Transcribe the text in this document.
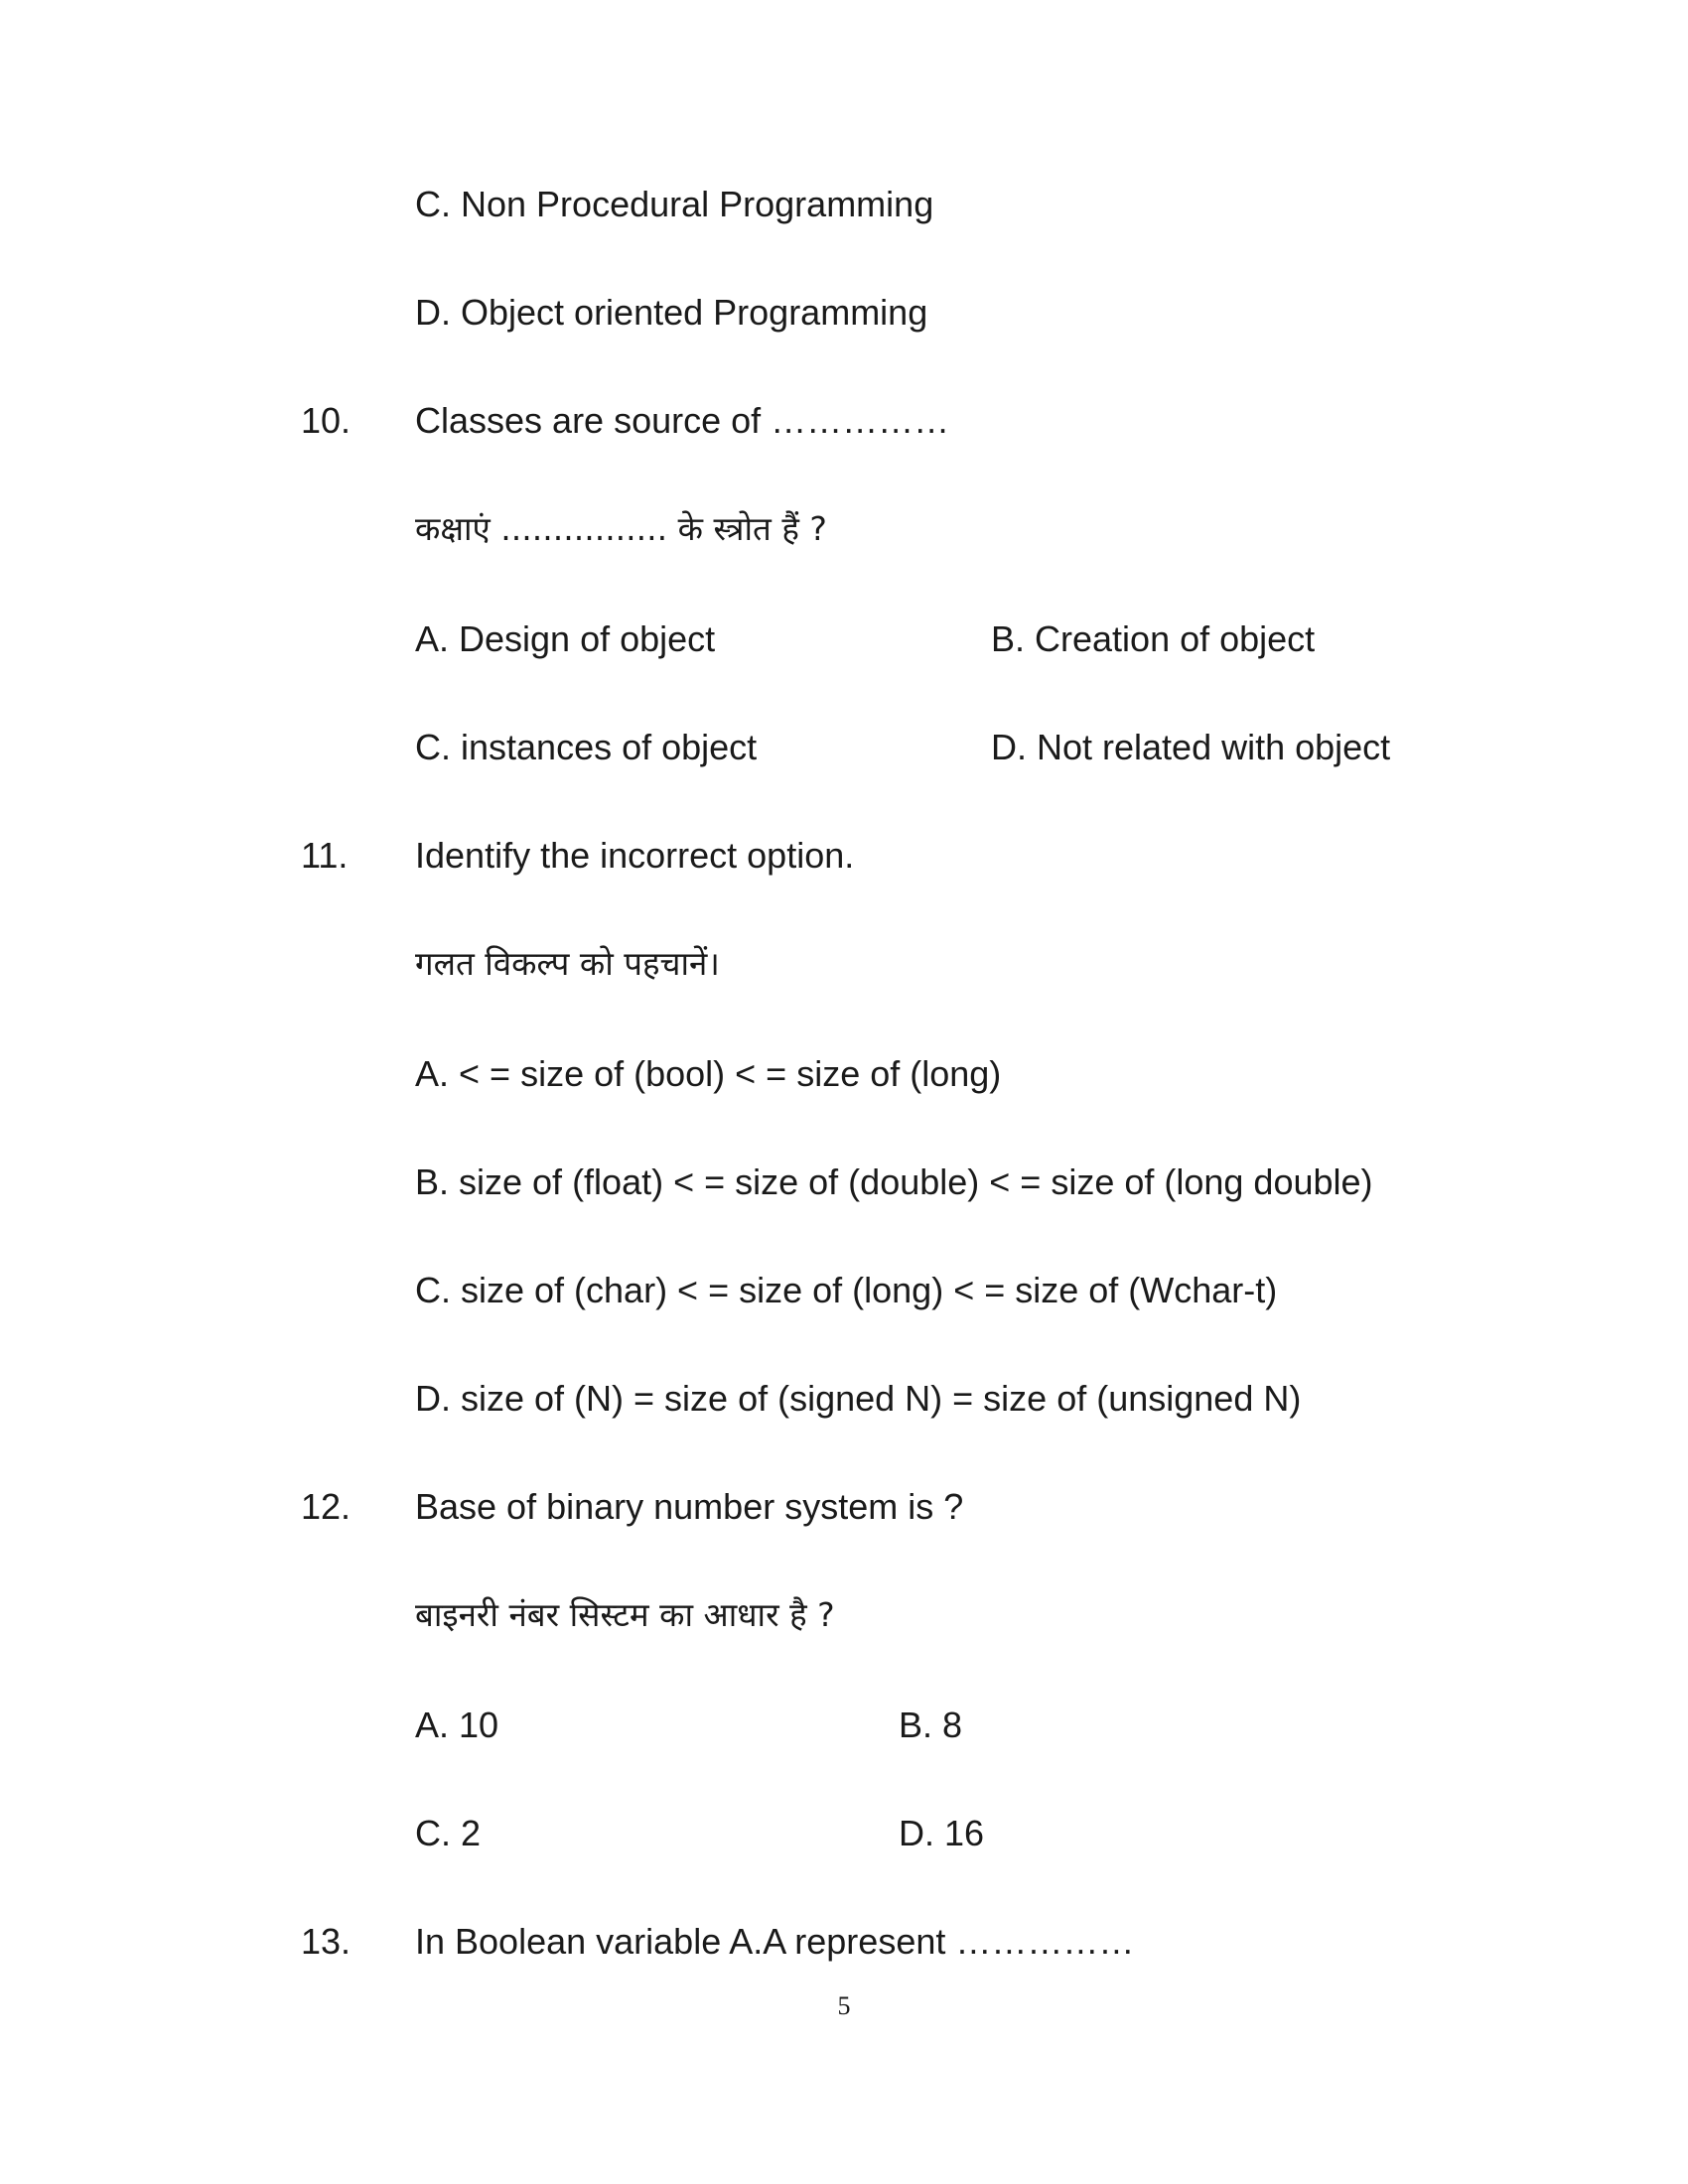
C. Non Procedural Programming
D. Object oriented Programming
10. Classes are source of ……………
कक्षाएं ................ के स्त्रोत हैं ?
A. Design of object	B. Creation of object
C. instances of object	D. Not related with object
11. Identify the incorrect option.
गलत विकल्प को पहचानें।
A. < = size of (bool) < = size of (long)
B. size of (float) < = size of (double) < = size of (long double)
C. size of (char) < = size of (long) < = size of (Wchar-t)
D. size of (N) = size of (signed N) = size of (unsigned N)
12. Base of binary number system is ?
बाइनरी नंबर सिस्टम का आधार है ?
A. 10	B. 8
C. 2	D. 16
13. In Boolean variable A.A represent ……………
5
